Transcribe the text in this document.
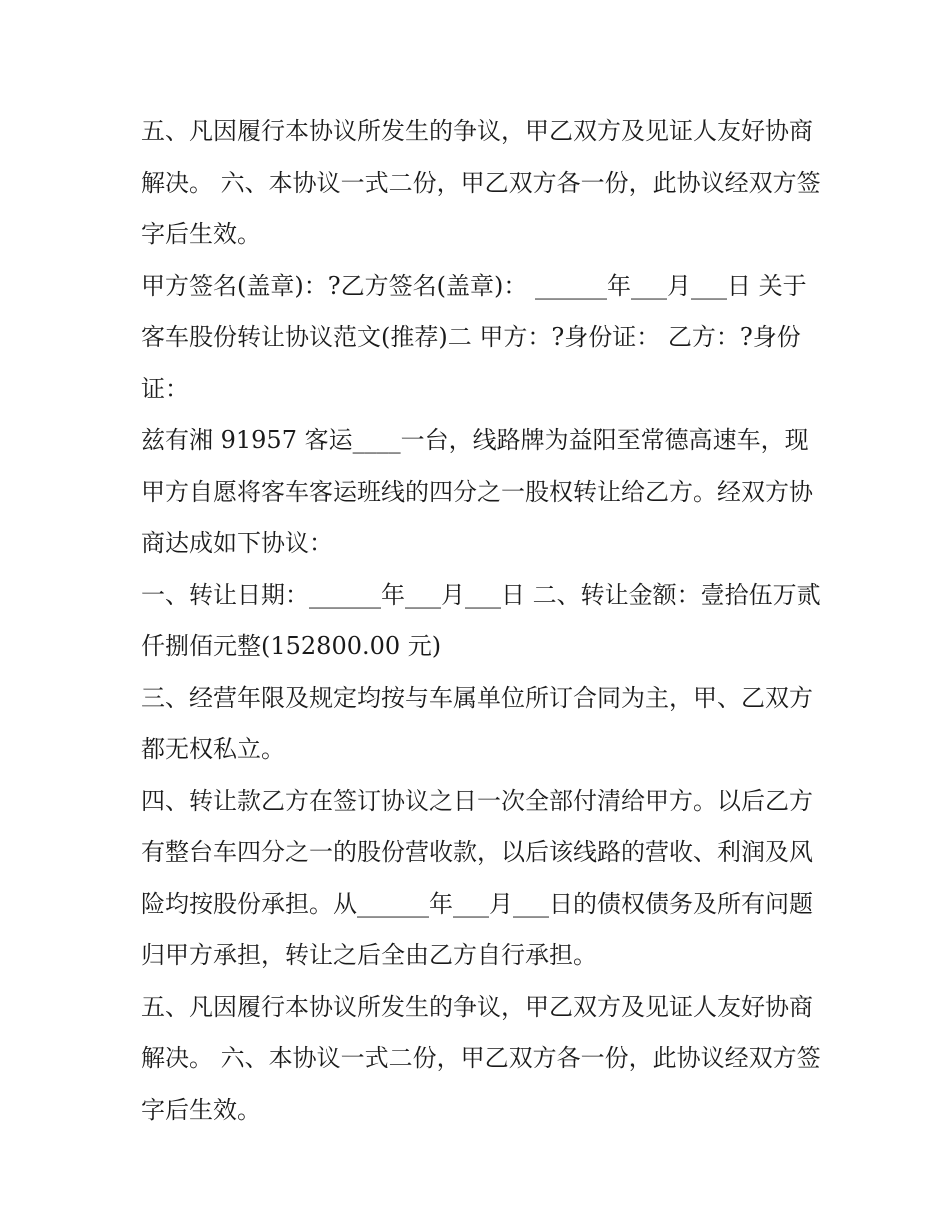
五、凡因履行本协议所发生的争议，甲乙双方及见证人友好协商解决。 六、本协议一式二份，甲乙双方各一份，此协议经双方签字后生效。

甲方签名(盖章)：?乙方签名(盖章)： ______年___月___日 关于客车股份转让协议范文(推荐)二 甲方：?身份证： 乙方：?身份证：

兹有湘 91957 客运____一台，线路牌为益阳至常德高速车，现甲方自愿将客车客运班线的四分之一股权转让给乙方。经双方协商达成如下协议：

一、转让日期：______年___月___日 二、转让金额：壹拾伍万贰仟捌佰元整(152800.00 元)

三、经营年限及规定均按与车属单位所订合同为主，甲、乙双方都无权私立。

四、转让款乙方在签订协议之日一次全部付清给甲方。以后乙方有整台车四分之一的股份营收款，以后该线路的营收、利润及风险均按股份承担。从______年___月___日的债权债务及所有问题归甲方承担，转让之后全由乙方自行承担。

五、凡因履行本协议所发生的争议，甲乙双方及见证人友好协商解决。 六、本协议一式二份，甲乙双方各一份，此协议经双方签字后生效。
